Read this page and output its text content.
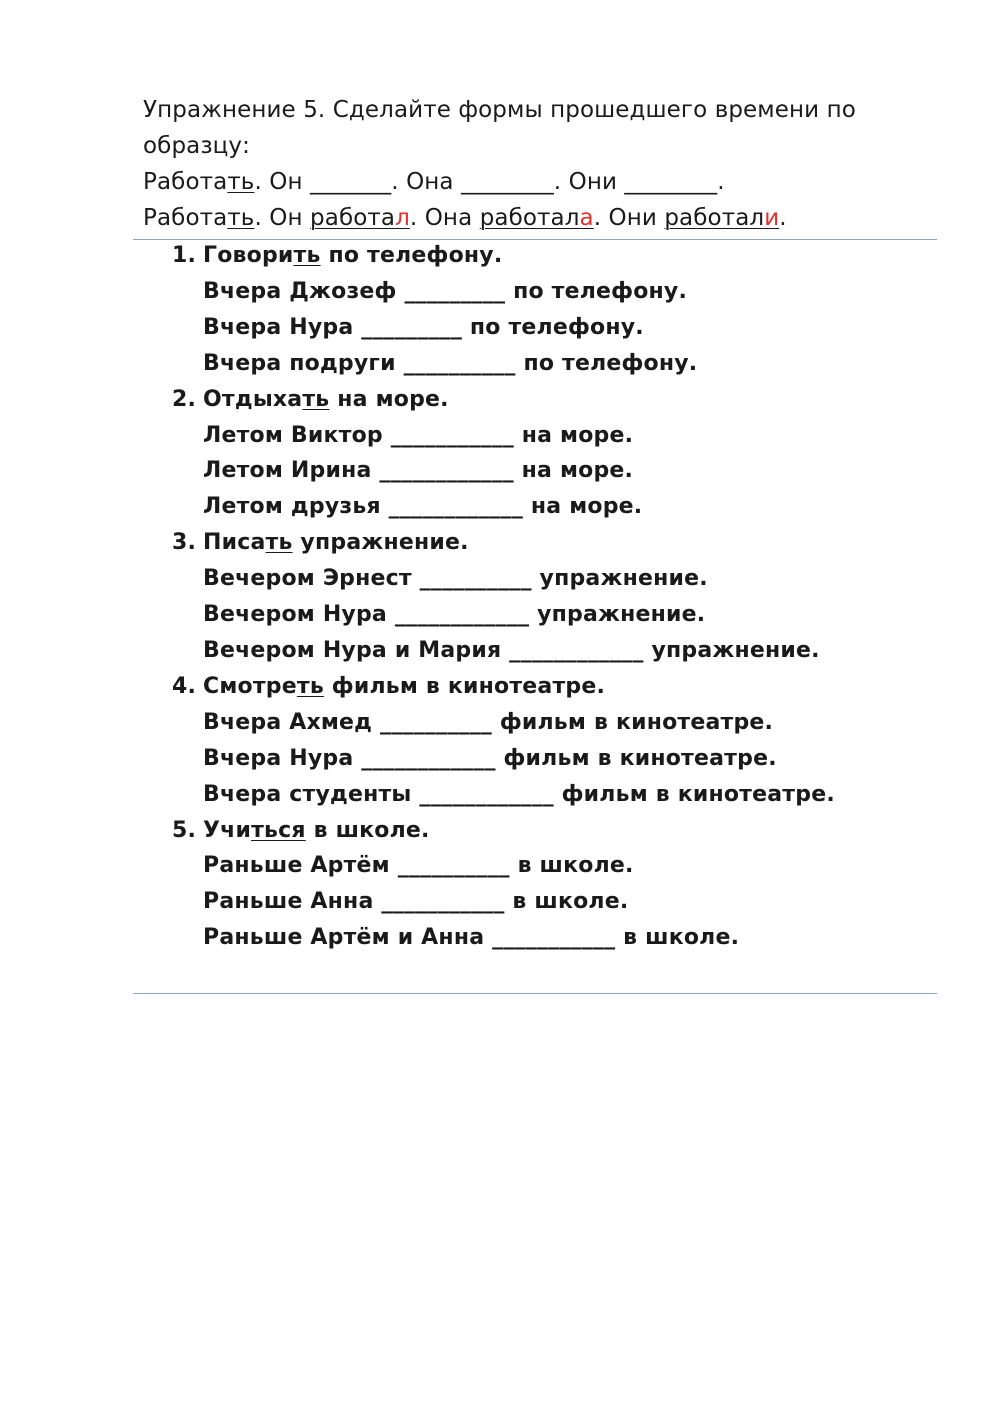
Упражнение 5. Сделайте формы прошедшего времени по
образцу:
Работать. Он _______. Она ________. Они ________.
Работать. Он работал. Она работала. Они работали.
1. Говорить по телефону.
Вчера Джозеф _________ по телефону.
Вчера Нура _________ по телефону.
Вчера подруги __________ по телефону.
2. Отдыхать на море.
Летом Виктор ___________ на море.
Летом Ирина ____________ на море.
Летом друзья ____________ на море.
3. Писать упражнение.
Вечером Эрнест __________ упражнение.
Вечером Нура ____________ упражнение.
Вечером Нура и Мария ____________ упражнение.
4. Смотреть фильм в кинотеатре.
Вчера Ахмед __________ фильм в кинотеатре.
Вчера Нура ____________ фильм в кинотеатре.
Вчера студенты ____________ фильм в кинотеатре.
5. Учиться в школе.
Раньше Артём __________ в школе.
Раньше Анна ___________ в школе.
Раньше Артём и Анна ___________ в школе.
